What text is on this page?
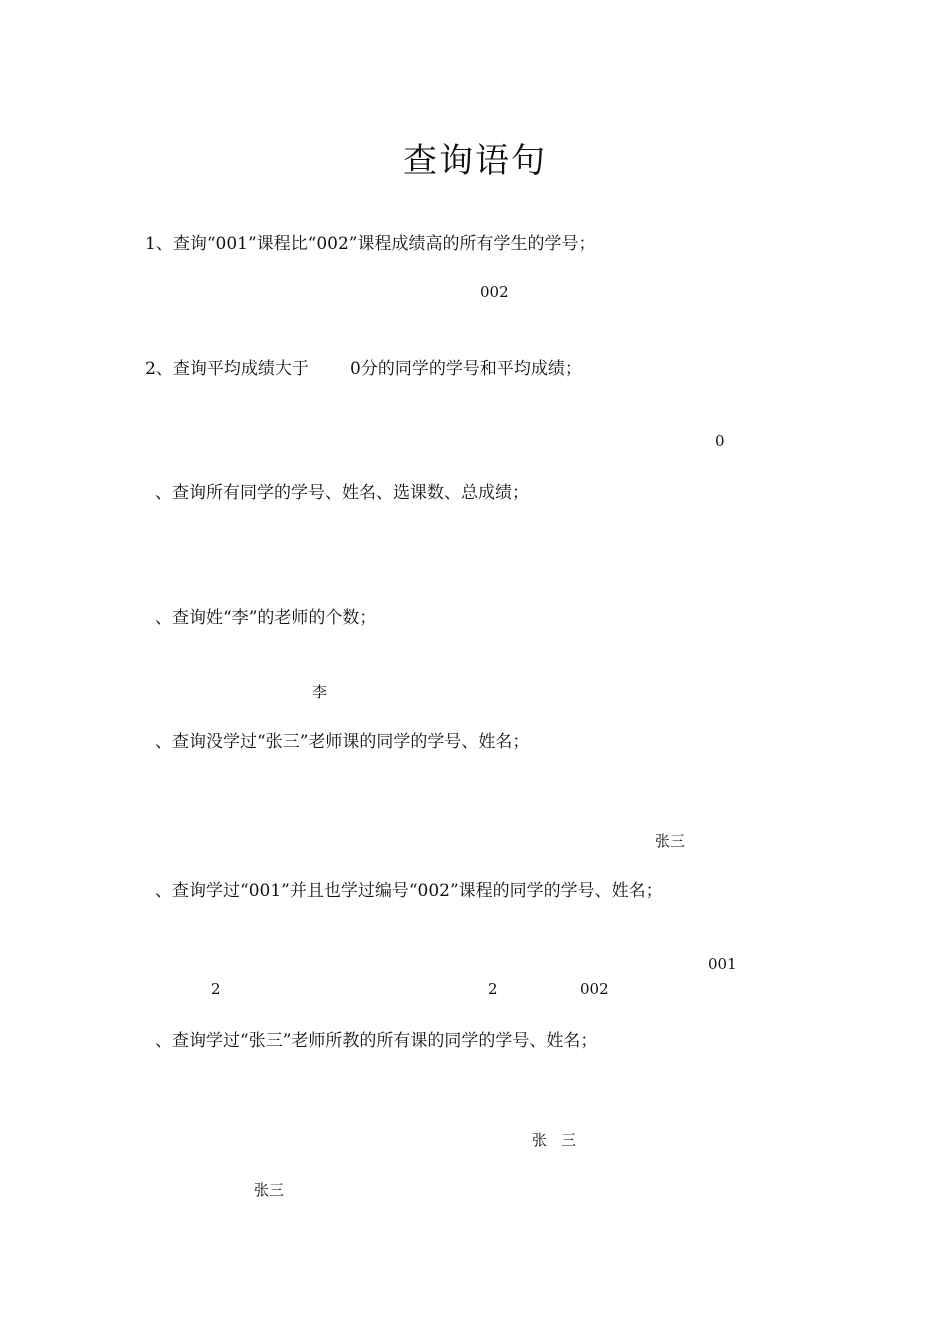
查询语句
1、查询“001”课程比“002”课程成绩高的所有学生的学号；
002
2、查询平均成绩大于 0分的同学的学号和平均成绩；
0
、查询所有同学的学号、姓名、选课数、总成绩；
、查询姓“李”的老师的个数；
李
、查询没学过“张三”老师课的同学的学号、姓名；
张三
、查询学过“001”并且也学过编号“002”课程的同学的学号、姓名；
001
2	2	002
、查询学过“张三”老师所教的所有课的同学的学号、姓名；
张 三
张三
